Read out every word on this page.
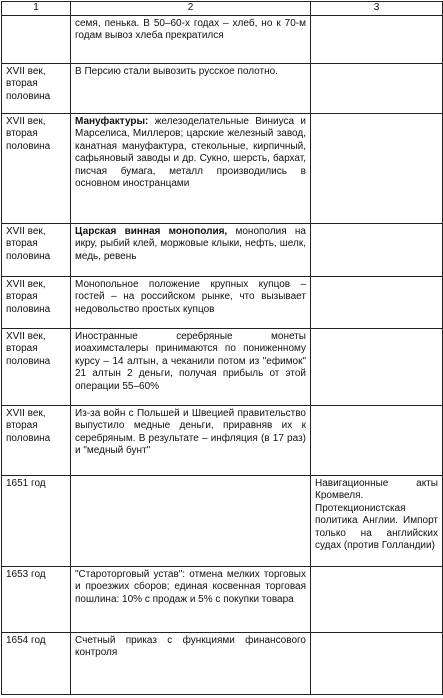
1	2	3
	семя, пенька. В 50–60-х годах – хлеб, но к 70-м годам вывоз хлеба прекратился	
XVII век, вторая половина	В Персию стали вывозить русское полотно.	
XVII век, вторая половина	Мануфактуры: железоделательные Виниуса и Марселиса, Миллеров; царские железный завод, канатная мануфактура, стекольные, кирпичный, сафьяновый заводы и др. Сукно, шерсть, бархат, писчая бумага, металл производились в основном иностранцами	
XVII век, вторая половина	Царская винная монополия, монополия на икру, рыбий клей, моржовые клыки, нефть, шелк, медь, ревень	
XVII век, вторая половина	Монопольное положение крупных купцов – гостей – на российском рынке, что вызывает недовольство простых купцов	
XVII век, вторая половина	Иностранные серебряные монеты иоахимсталеры принимаются по пониженному курсу – 14 алтын, а чеканили потом из "ефимок" 21 алтын 2 деньги, получая прибыль от этой операции 55–60%	
XVII век, вторая половина	Из-за войн с Польшей и Швецией правительство выпустило медные деньги, приравняв их к серебряным. В результате – инфляция (в 17 раз) и "медный бунт"	
1651 год		Навигационные акты Кромвеля. Протекционистская политика Англии. Импорт только на английских судах (против Голландии)
1653 год	"Староторговый устав": отмена мелких торговых и проезжих сборов; единая косвенная торговая пошлина: 10% с продаж и 5% с покупки товара	
1654 год	Счетный приказ с функциями финансового контроля	
